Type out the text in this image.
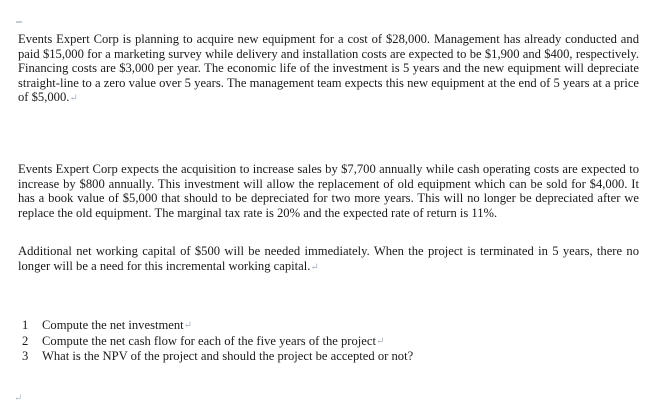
Events Expert Corp is planning to acquire new equipment for a cost of $28,000. Management has already conducted and paid $15,000 for a marketing survey while delivery and installation costs are expected to be $1,900 and $400, respectively. Financing costs are $3,000 per year. The economic life of the investment is 5 years and the new equipment will depreciate straight-line to a zero value over 5 years. The management team expects this new equipment at the end of 5 years at a price of $5,000.↵

Events Expert Corp expects the acquisition to increase sales by $7,700 annually while cash operating costs are expected to increase by $800 annually. This investment will allow the replacement of old equipment which can be sold for $4,000. It has a book value of $5,000 that should to be depreciated for two more years. This will no longer be depreciated after we replace the old equipment. The marginal tax rate is 20% and the expected rate of return is 11%.

Additional net working capital of $500 will be needed immediately. When the project is terminated in 5 years, there no longer will be a need for this incremental working capital.↵

1	Compute the net investment ↵
2	Compute the net cash flow for each of the five years of the project ↵
3	What is the NPV of the project and should the project be accepted or not?
↵
